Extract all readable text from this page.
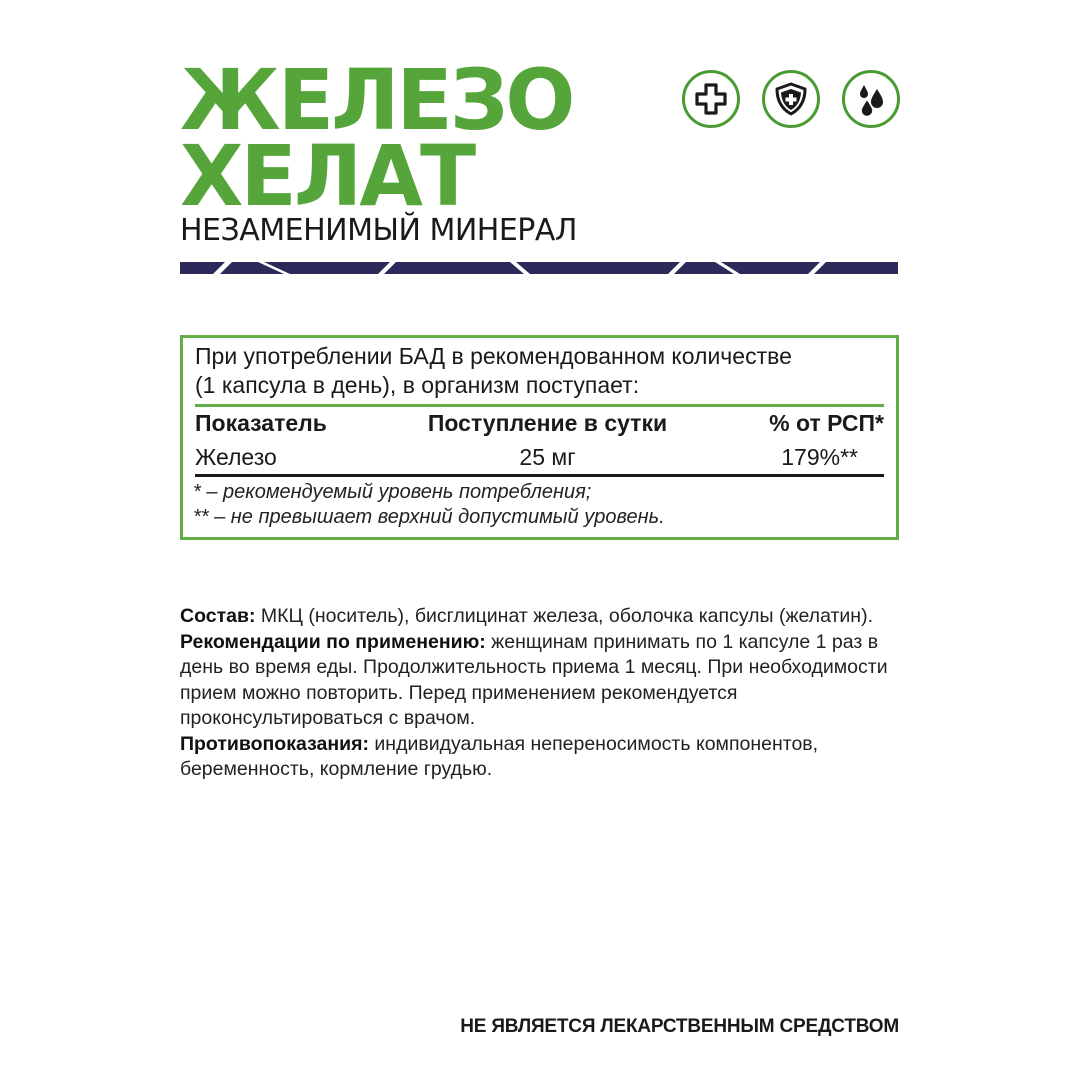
ЖЕЛЕЗО
ХЕЛАТ
НЕЗАМЕНИМЫЙ МИНЕРАЛ
При употреблении БАД в рекомендованном количестве
(1 капсула в день), в организм поступает:
Показатель	Поступление в сутки	% от РСП*
Железо	25 мг	179%**
* – рекомендуемый уровень потребления;
** – не превышает верхний допустимый уровень.

Состав: МКЦ (носитель), бисглицинат железа, оболочка капсулы (желатин).

Рекомендации по применению: женщинам принимать по 1 капсуле 1 раз в день во время еды. Продолжительность приема 1 месяц. При необходимости прием можно повторить. Перед применением рекомендуется проконсультироваться с врачом.

Противопоказания: индивидуальная непереносимость компонентов, беременность, кормление грудью.

НЕ ЯВЛЯЕТСЯ ЛЕКАРСТВЕННЫМ СРЕДСТВОМ
